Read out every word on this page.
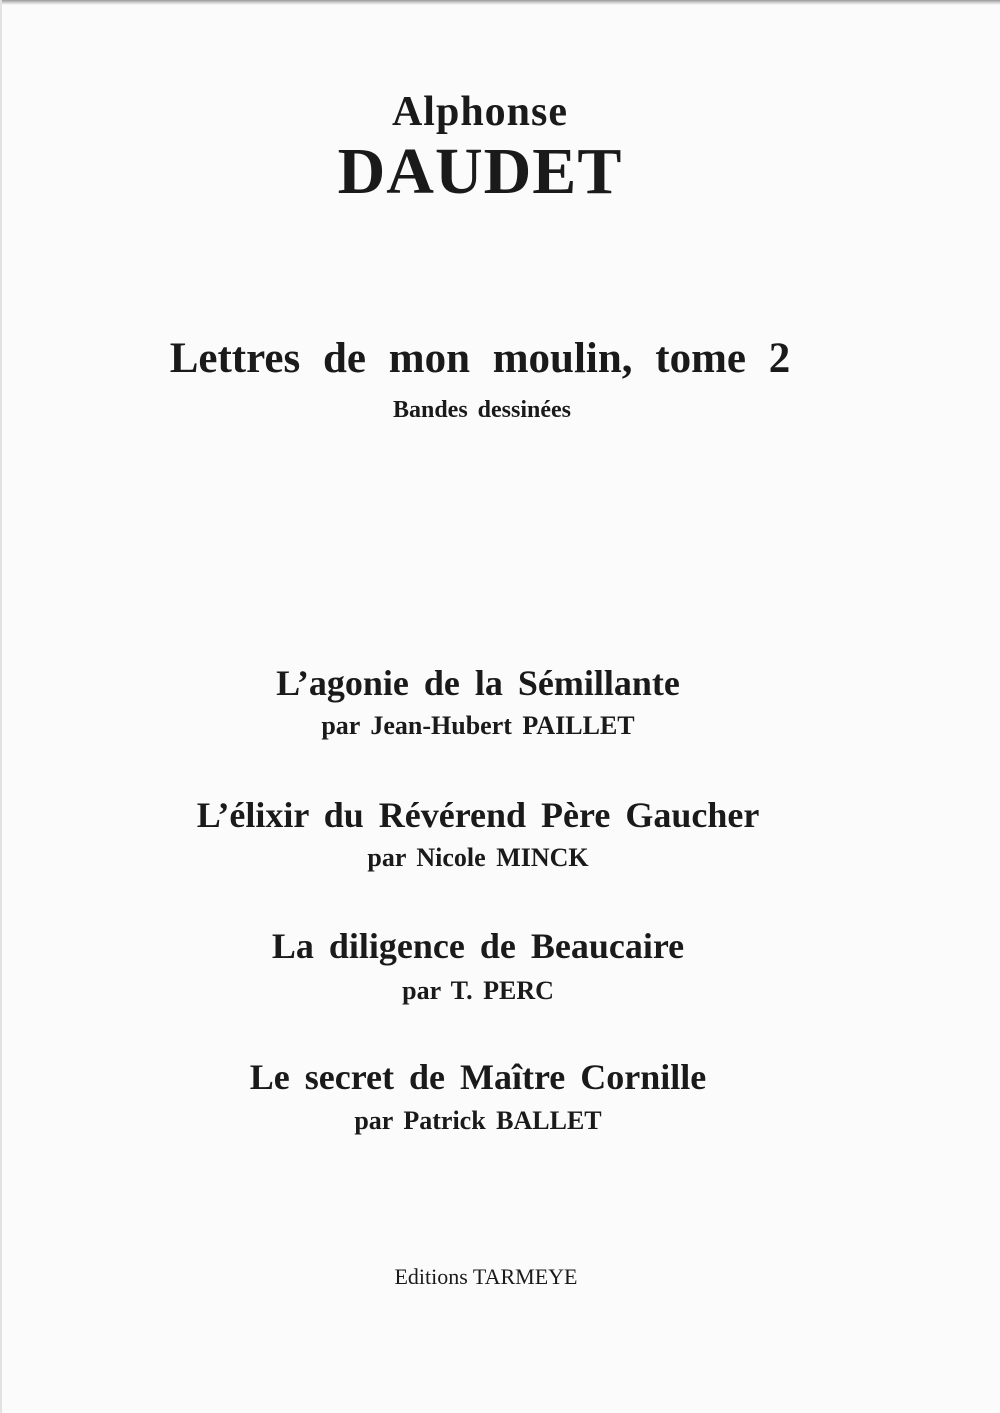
Alphonse
DAUDET
Lettres de mon moulin, tome 2
Bandes dessinées
L’agonie de la Sémillante
par Jean-Hubert PAILLET
L’élixir du Révérend Père Gaucher
par Nicole MINCK
La diligence de Beaucaire
par T. PERC
Le secret de Maître Cornille
par Patrick BALLET
Editions TARMEYE
